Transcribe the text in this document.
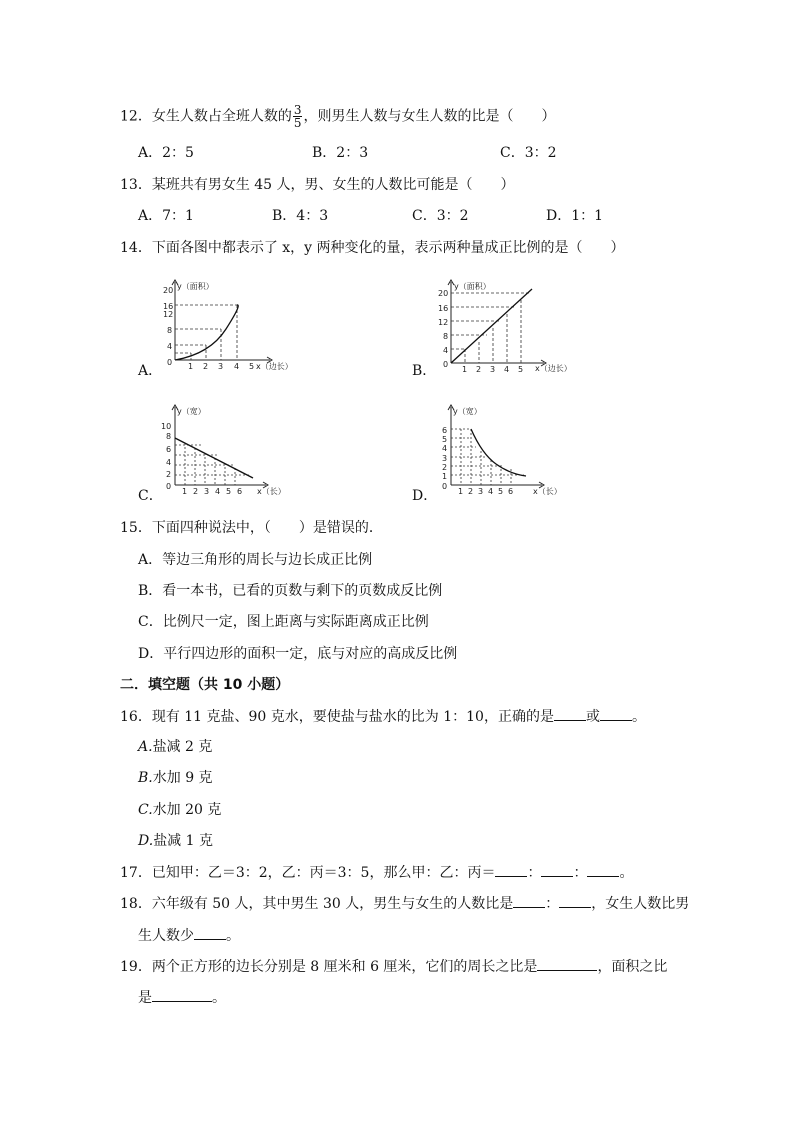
12．女生人数占全班人数的 $\frac{3}{5}$ ，则男生人数与女生人数的比是（　　）
A．2：5	B．2：3	C．3：2
13．某班共有男女生 45 人，男、女生的人数比可能是（　　）
A．7：1	B．4：3	C．3：2	D．1：1
14．下面各图中都表示了 x，y 两种变化的量，表示两种量成正比例的是（　　）
A．	B．
C．	D．
y（面积）
x（边长）
0
4
8
12
16
20
1 2 3 4 5
y（面积）
x（边长）
0
4
8
12
16
20
1 2 3 4 5
y（宽）
x（长）
0
2
4
6
8
10
1 2 3 4 5 6
y（宽）
x（长）
0
1
2
3
4
5
6
1 2 3 4 5 6
15．下面四种说法中，（　　）是错误的．
A．等边三角形的周长与边长成正比例
B．看一本书，已看的页数与剩下的页数成反比例
C．比例尺一定，图上距离与实际距离成正比例
D．平行四边形的面积一定，底与对应的高成反比例
二．填空题（共 10 小题）
16．现有 11 克盐、90 克水，要使盐与盐水的比为 1：10，正确的是 或 。
A.盐减 2 克
B.水加 9 克
C.水加 20 克
D.盐减 1 克
17．已知甲：乙＝3：2，乙：丙＝3：5，那么甲：乙：丙＝ ： ： 。
18．六年级有 50 人，其中男生 30 人，男生与女生的人数比是 ： ，女生人数比男
生人数少 。
19．两个正方形的边长分别是 8 厘米和 6 厘米，它们的周长之比是	，面积之比
是	。
